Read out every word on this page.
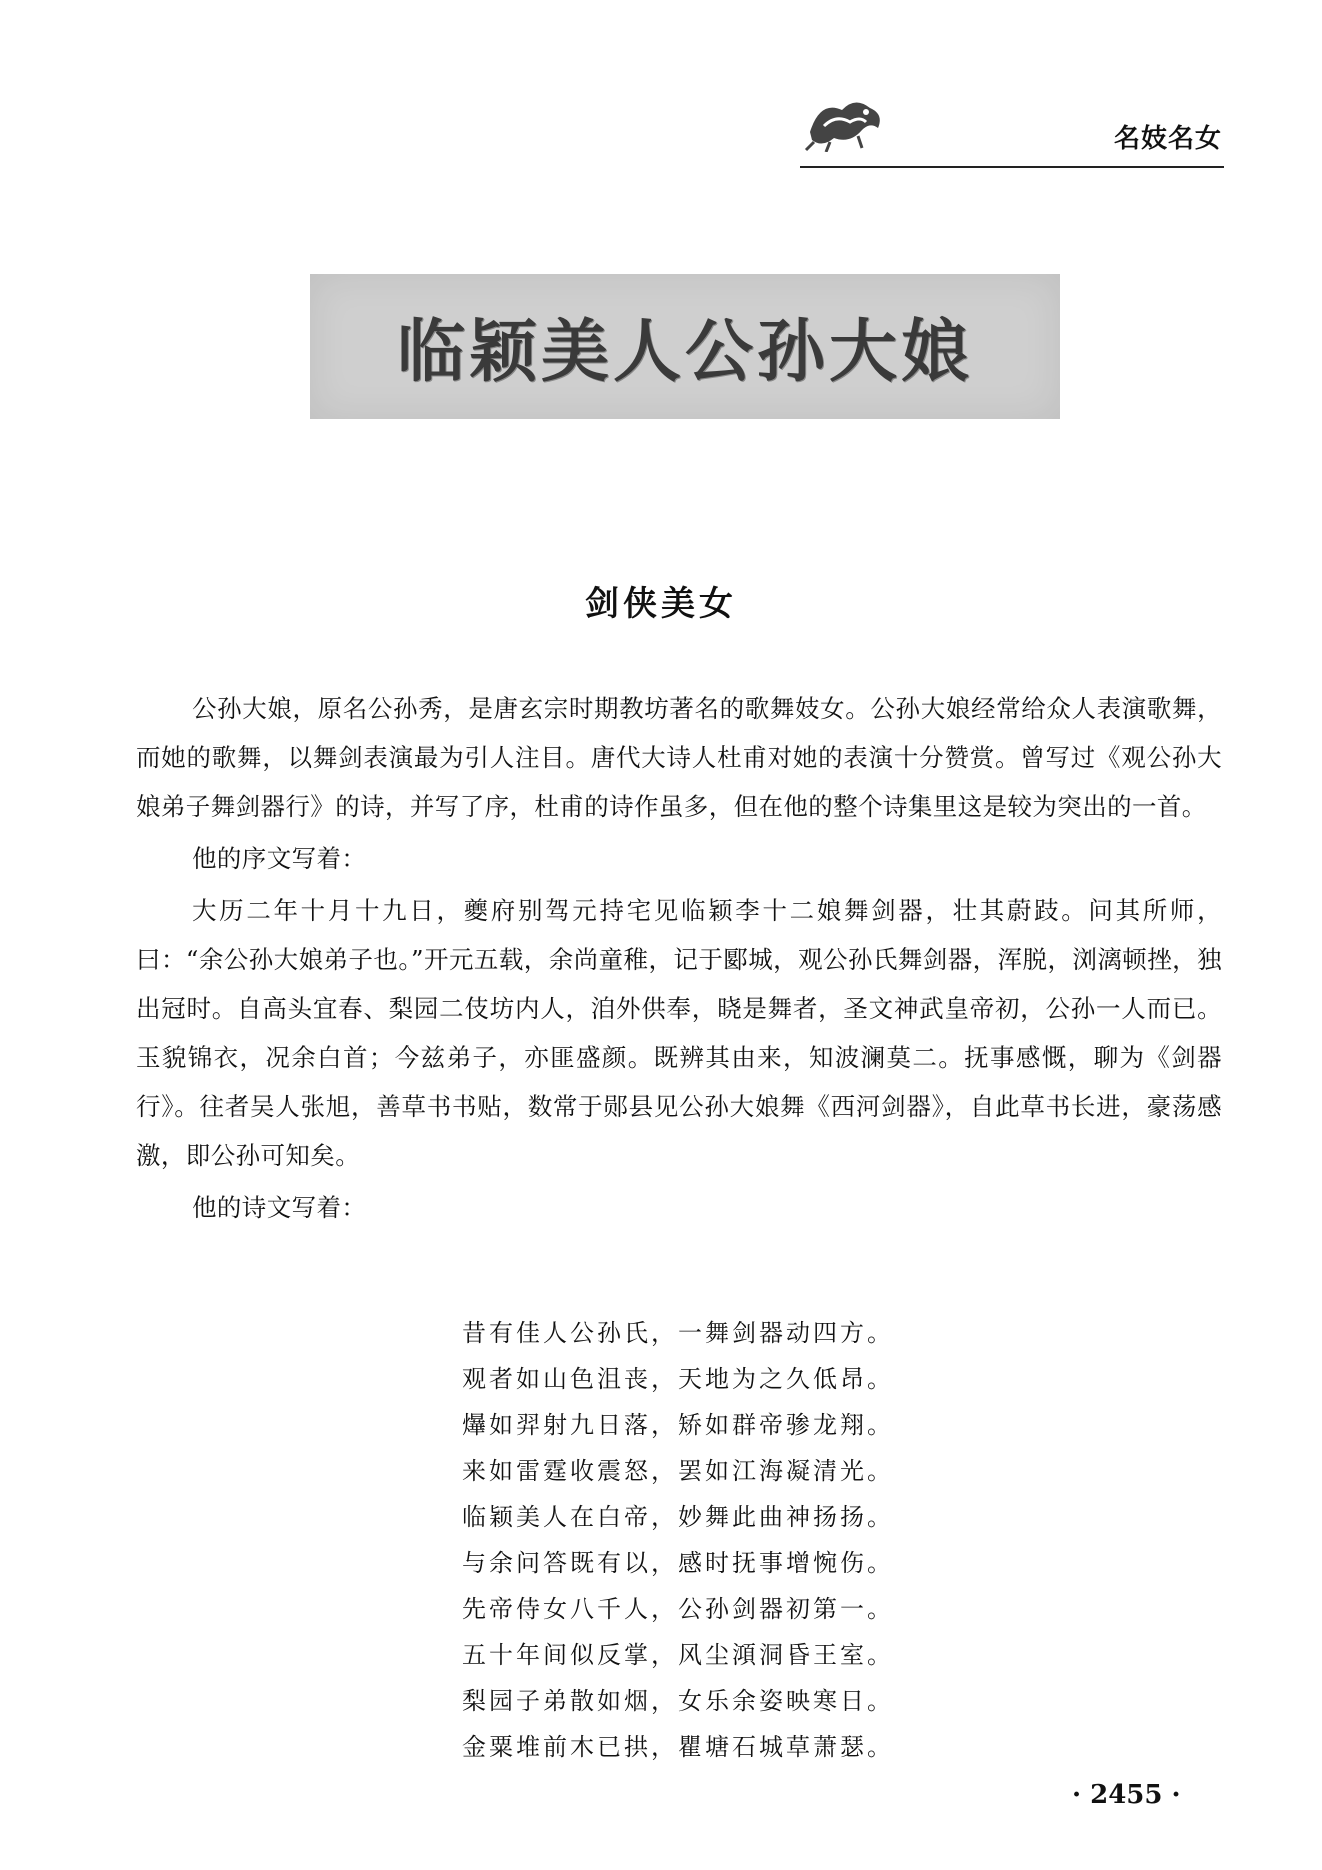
名妓名女
临颖美人公孙大娘
剑侠美女

公孙大娘，原名公孙秀，是唐玄宗时期教坊著名的歌舞妓女。公孙大娘经常给众人表演歌舞，而她的歌舞，以舞剑表演最为引人注目。唐代大诗人杜甫对她的表演十分赞赏。曾写过《观公孙大娘弟子舞剑器行》的诗，并写了序，杜甫的诗作虽多，但在他的整个诗集里这是较为突出的一首。

他的序文写着：

大历二年十月十九日，夔府别驾元持宅见临颖李十二娘舞剑器，壮其蔚跂。问其所师，曰：“余公孙大娘弟子也。”开元五载，余尚童稚，记于郾城，观公孙氏舞剑器，浑脱，浏漓顿挫，独出冠时。自高头宜春、梨园二伎坊内人，洎外供奉，晓是舞者，圣文神武皇帝初，公孙一人而已。玉貌锦衣，况余白首；今兹弟子，亦匪盛颜。既辨其由来，知波澜莫二。抚事感慨，聊为《剑器行》。往者吴人张旭，善草书书贴，数常于郧县见公孙大娘舞《西河剑器》，自此草书长进，豪荡感激，即公孙可知矣。

他的诗文写着：

昔有佳人公孙氏，一舞剑器动四方。
观者如山色沮丧，天地为之久低昂。
爗如羿射九日落，矫如群帝骖龙翔。
来如雷霆收震怒，罢如江海凝清光。
临颖美人在白帝，妙舞此曲神扬扬。
与余问答既有以，感时抚事增惋伤。
先帝侍女八千人，公孙剑器初第一。
五十年间似反掌，风尘澒洞昏王室。
梨园子弟散如烟，女乐余姿映寒日。
金粟堆前木已拱，瞿塘石城草萧瑟。
· 2455 ·
